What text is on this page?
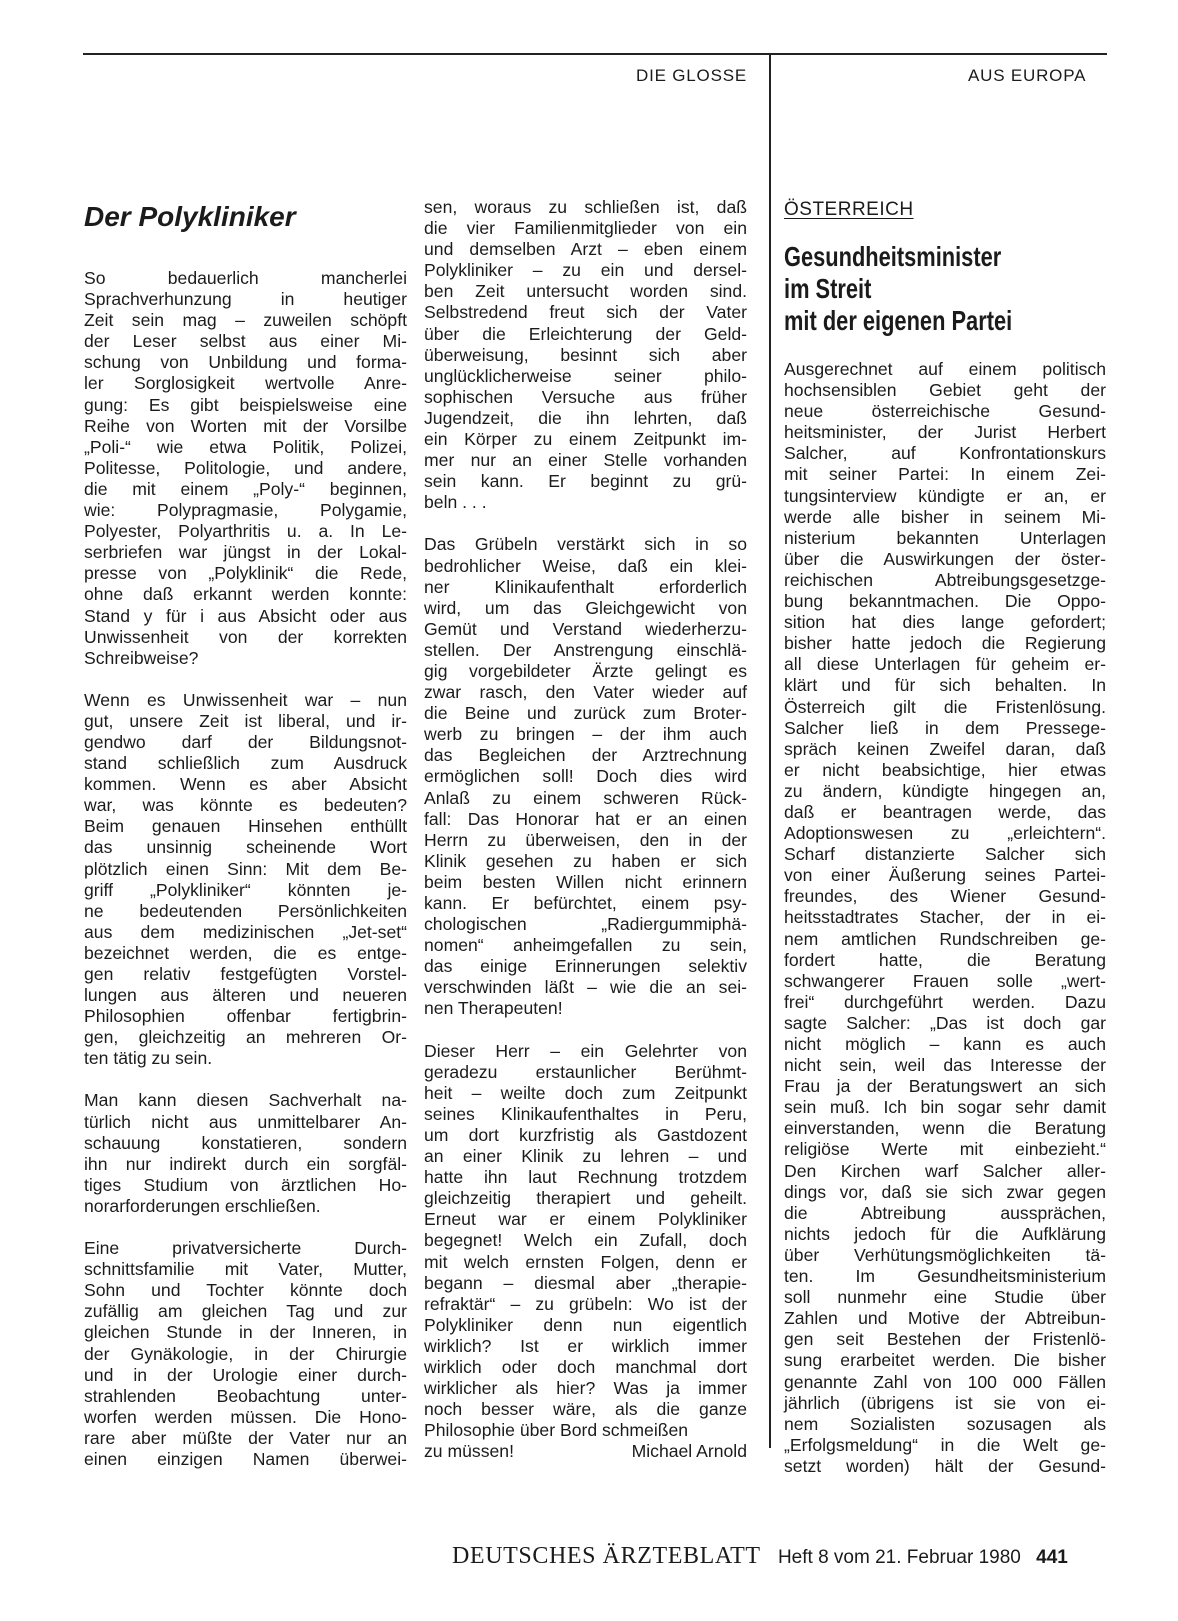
DIE GLOSSE	AUS EUROPA
Der Polykliniker
So bedauerlich mancherlei
Sprachverhunzung in heutiger
Zeit sein mag – zuweilen schöpft
der Leser selbst aus einer Mi-
schung von Unbildung und forma-
ler Sorglosigkeit wertvolle Anre-
gung: Es gibt beispielsweise eine
Reihe von Worten mit der Vorsilbe
„Poli-“ wie etwa Politik, Polizei,
Politesse, Politologie, und andere,
die mit einem „Poly-“ beginnen,
wie: Polypragmasie, Polygamie,
Polyester, Polyarthritis u. a. In Le-
serbriefen war jüngst in der Lokal-
presse von „Polyklinik“ die Rede,
ohne daß erkannt werden konnte:
Stand y für i aus Absicht oder aus
Unwissenheit von der korrekten
Schreibweise?
Wenn es Unwissenheit war – nun
gut, unsere Zeit ist liberal, und ir-
gendwo darf der Bildungsnot-
stand schließlich zum Ausdruck
kommen. Wenn es aber Absicht
war, was könnte es bedeuten?
Beim genauen Hinsehen enthüllt
das unsinnig scheinende Wort
plötzlich einen Sinn: Mit dem Be-
griff „Polykliniker“ könnten je-
ne bedeutenden Persönlichkeiten
aus dem medizinischen „Jet-set“
bezeichnet werden, die es entge-
gen relativ festgefügten Vorstel-
lungen aus älteren und neueren
Philosophien offenbar fertigbrin-
gen, gleichzeitig an mehreren Or-
ten tätig zu sein.
Man kann diesen Sachverhalt na-
türlich nicht aus unmittelbarer An-
schauung konstatieren, sondern
ihn nur indirekt durch ein sorgfäl-
tiges Studium von ärztlichen Ho-
norarforderungen erschließen.
Eine privatversicherte Durch-
schnittsfamilie mit Vater, Mutter,
Sohn und Tochter könnte doch
zufällig am gleichen Tag und zur
gleichen Stunde in der Inneren, in
der Gynäkologie, in der Chirurgie
und in der Urologie einer durch-
strahlenden Beobachtung unter-
worfen werden müssen. Die Hono-
rare aber müßte der Vater nur an
einen einzigen Namen überwei-
sen, woraus zu schließen ist, daß
die vier Familienmitglieder von ein
und demselben Arzt – eben einem
Polykliniker – zu ein und dersel-
ben Zeit untersucht worden sind.
Selbstredend freut sich der Vater
über die Erleichterung der Geld-
überweisung, besinnt sich aber
unglücklicherweise seiner philo-
sophischen Versuche aus früher
Jugendzeit, die ihn lehrten, daß
ein Körper zu einem Zeitpunkt im-
mer nur an einer Stelle vorhanden
sein kann. Er beginnt zu grü-
beln . . .
Das Grübeln verstärkt sich in so
bedrohlicher Weise, daß ein klei-
ner Klinikaufenthalt erforderlich
wird, um das Gleichgewicht von
Gemüt und Verstand wiederherzu-
stellen. Der Anstrengung einschlä-
gig vorgebildeter Ärzte gelingt es
zwar rasch, den Vater wieder auf
die Beine und zurück zum Broter-
werb zu bringen – der ihm auch
das Begleichen der Arztrechnung
ermöglichen soll! Doch dies wird
Anlaß zu einem schweren Rück-
fall: Das Honorar hat er an einen
Herrn zu überweisen, den in der
Klinik gesehen zu haben er sich
beim besten Willen nicht erinnern
kann. Er befürchtet, einem psy-
chologischen „Radiergummiphä-
nomen“ anheimgefallen zu sein,
das einige Erinnerungen selektiv
verschwinden läßt – wie die an sei-
nen Therapeuten!
Dieser Herr – ein Gelehrter von
geradezu erstaunlicher Berühmt-
heit – weilte doch zum Zeitpunkt
seines Klinikaufenthaltes in Peru,
um dort kurzfristig als Gastdozent
an einer Klinik zu lehren – und
hatte ihn laut Rechnung trotzdem
gleichzeitig therapiert und geheilt.
Erneut war er einem Polykliniker
begegnet! Welch ein Zufall, doch
mit welch ernsten Folgen, denn er
begann – diesmal aber „therapie-
refraktär“ – zu grübeln: Wo ist der
Polykliniker denn nun eigentlich
wirklich? Ist er wirklich immer
wirklich oder doch manchmal dort
wirklicher als hier? Was ja immer
noch besser wäre, als die ganze
Philosophie über Bord schmeißen
zu müssen!	Michael Arnold
ÖSTERREICH
Gesundheitsminister
im Streit
mit der eigenen Partei
Ausgerechnet auf einem politisch
hochsensiblen Gebiet geht der
neue österreichische Gesund-
heitsminister, der Jurist Herbert
Salcher, auf Konfrontationskurs
mit seiner Partei: In einem Zei-
tungsinterview kündigte er an, er
werde alle bisher in seinem Mi-
nisterium bekannten Unterlagen
über die Auswirkungen der öster-
reichischen Abtreibungsgesetzge-
bung bekanntmachen. Die Oppo-
sition hat dies lange gefordert;
bisher hatte jedoch die Regierung
all diese Unterlagen für geheim er-
klärt und für sich behalten. In
Österreich gilt die Fristenlösung.
Salcher ließ in dem Pressege-
spräch keinen Zweifel daran, daß
er nicht beabsichtige, hier etwas
zu ändern, kündigte hingegen an,
daß er beantragen werde, das
Adoptionswesen zu „erleichtern“.
Scharf distanzierte Salcher sich
von einer Äußerung seines Partei-
freundes, des Wiener Gesund-
heitsstadtrates Stacher, der in ei-
nem amtlichen Rundschreiben ge-
fordert hatte, die Beratung
schwangerer Frauen solle „wert-
frei“ durchgeführt werden. Dazu
sagte Salcher: „Das ist doch gar
nicht möglich – kann es auch
nicht sein, weil das Interesse der
Frau ja der Beratungswert an sich
sein muß. Ich bin sogar sehr damit
einverstanden, wenn die Beratung
religiöse Werte mit einbezieht.“
Den Kirchen warf Salcher aller-
dings vor, daß sie sich zwar gegen
die Abtreibung aussprächen,
nichts jedoch für die Aufklärung
über Verhütungsmöglichkeiten tä-
ten. Im Gesundheitsministerium
soll nunmehr eine Studie über
Zahlen und Motive der Abtreibun-
gen seit Bestehen der Fristenlö-
sung erarbeitet werden. Die bisher
genannte Zahl von 100 000 Fällen
jährlich (übrigens ist sie von ei-
nem Sozialisten sozusagen als
„Erfolgsmeldung“ in die Welt ge-
setzt worden) hält der Gesund-
DEUTSCHES ÄRZTEBLATT Heft 8 vom 21. Februar 1980 441
